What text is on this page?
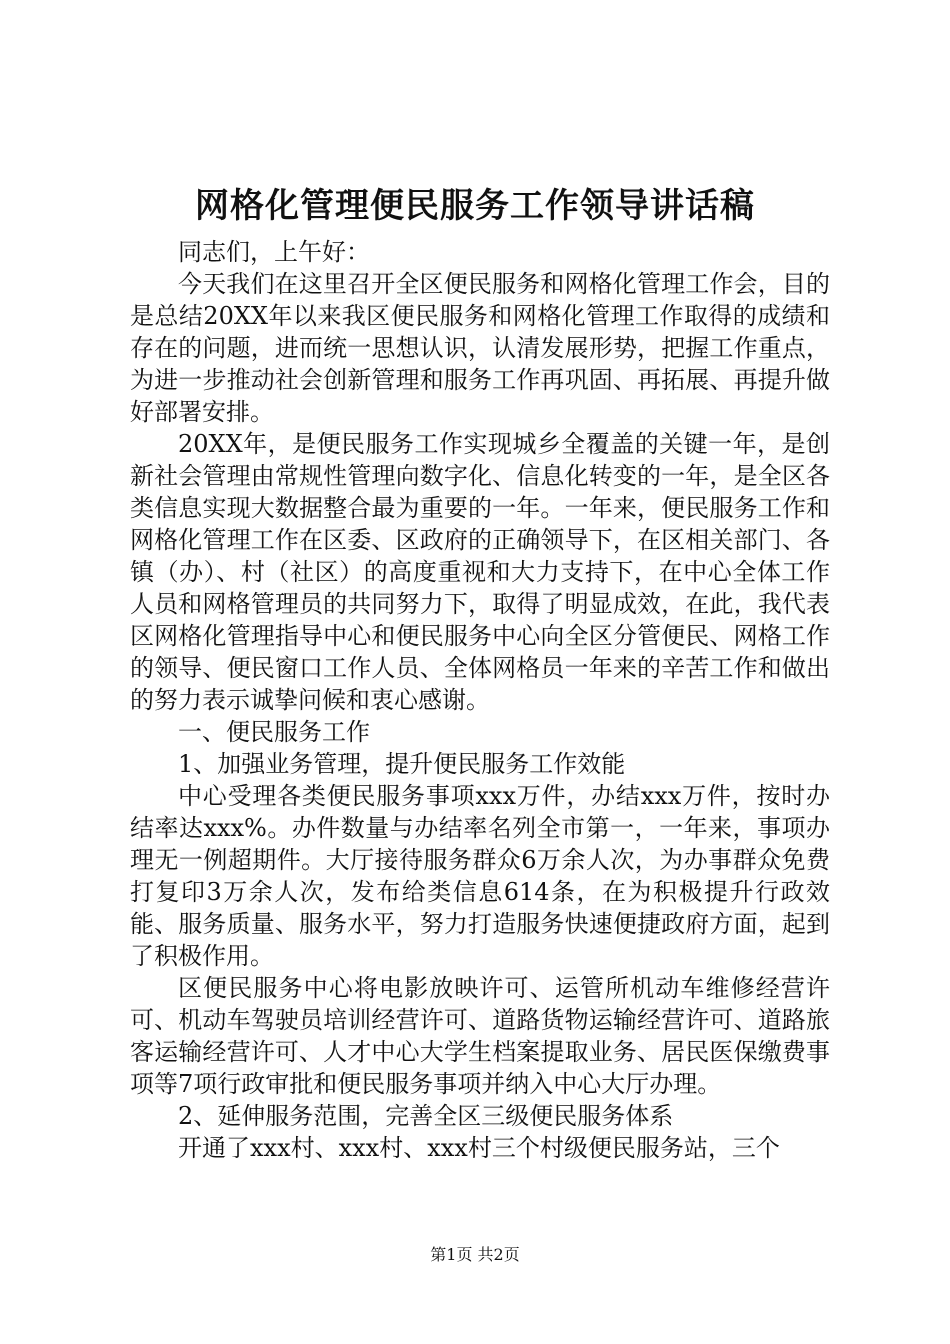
网格化管理便民服务工作领导讲话稿

同志们，上午好：

今天我们在这里召开全区便民服务和网格化管理工作会，目的是总结20XX年以来我区便民服务和网格化管理工作取得的成绩和存在的问题，进而统一思想认识，认清发展形势，把握工作重点，为进一步推动社会创新管理和服务工作再巩固、再拓展、再提升做好部署安排。

20XX年，是便民服务工作实现城乡全覆盖的关键一年，是创新社会管理由常规性管理向数字化、信息化转变的一年，是全区各类信息实现大数据整合最为重要的一年。一年来，便民服务工作和网格化管理工作在区委、区政府的正确领导下，在区相关部门、各镇（办）、村（社区）的高度重视和大力支持下，在中心全体工作人员和网格管理员的共同努力下，取得了明显成效，在此，我代表区网格化管理指导中心和便民服务中心向全区分管便民、网格工作的领导、便民窗口工作人员、全体网格员一年来的辛苦工作和做出的努力表示诚挚问候和衷心感谢。

一、便民服务工作

1、加强业务管理，提升便民服务工作效能

中心受理各类便民服务事项xxx万件，办结xxx万件，按时办结率达xxx%。办件数量与办结率名列全市第一，一年来，事项办理无一例超期件。大厅接待服务群众6万余人次，为办事群众免费打复印3万余人次，发布给类信息614条，在为积极提升行政效能、服务质量、服务水平，努力打造服务快速便捷政府方面，起到了积极作用。

区便民服务中心将电影放映许可、运管所机动车维修经营许可、机动车驾驶员培训经营许可、道路货物运输经营许可、道路旅客运输经营许可、人才中心大学生档案提取业务、居民医保缴费事项等7项行政审批和便民服务事项并纳入中心大厅办理。

2、延伸服务范围，完善全区三级便民服务体系

开通了xxx村、xxx村、xxx村三个村级便民服务站，三个

第1页 共2页
